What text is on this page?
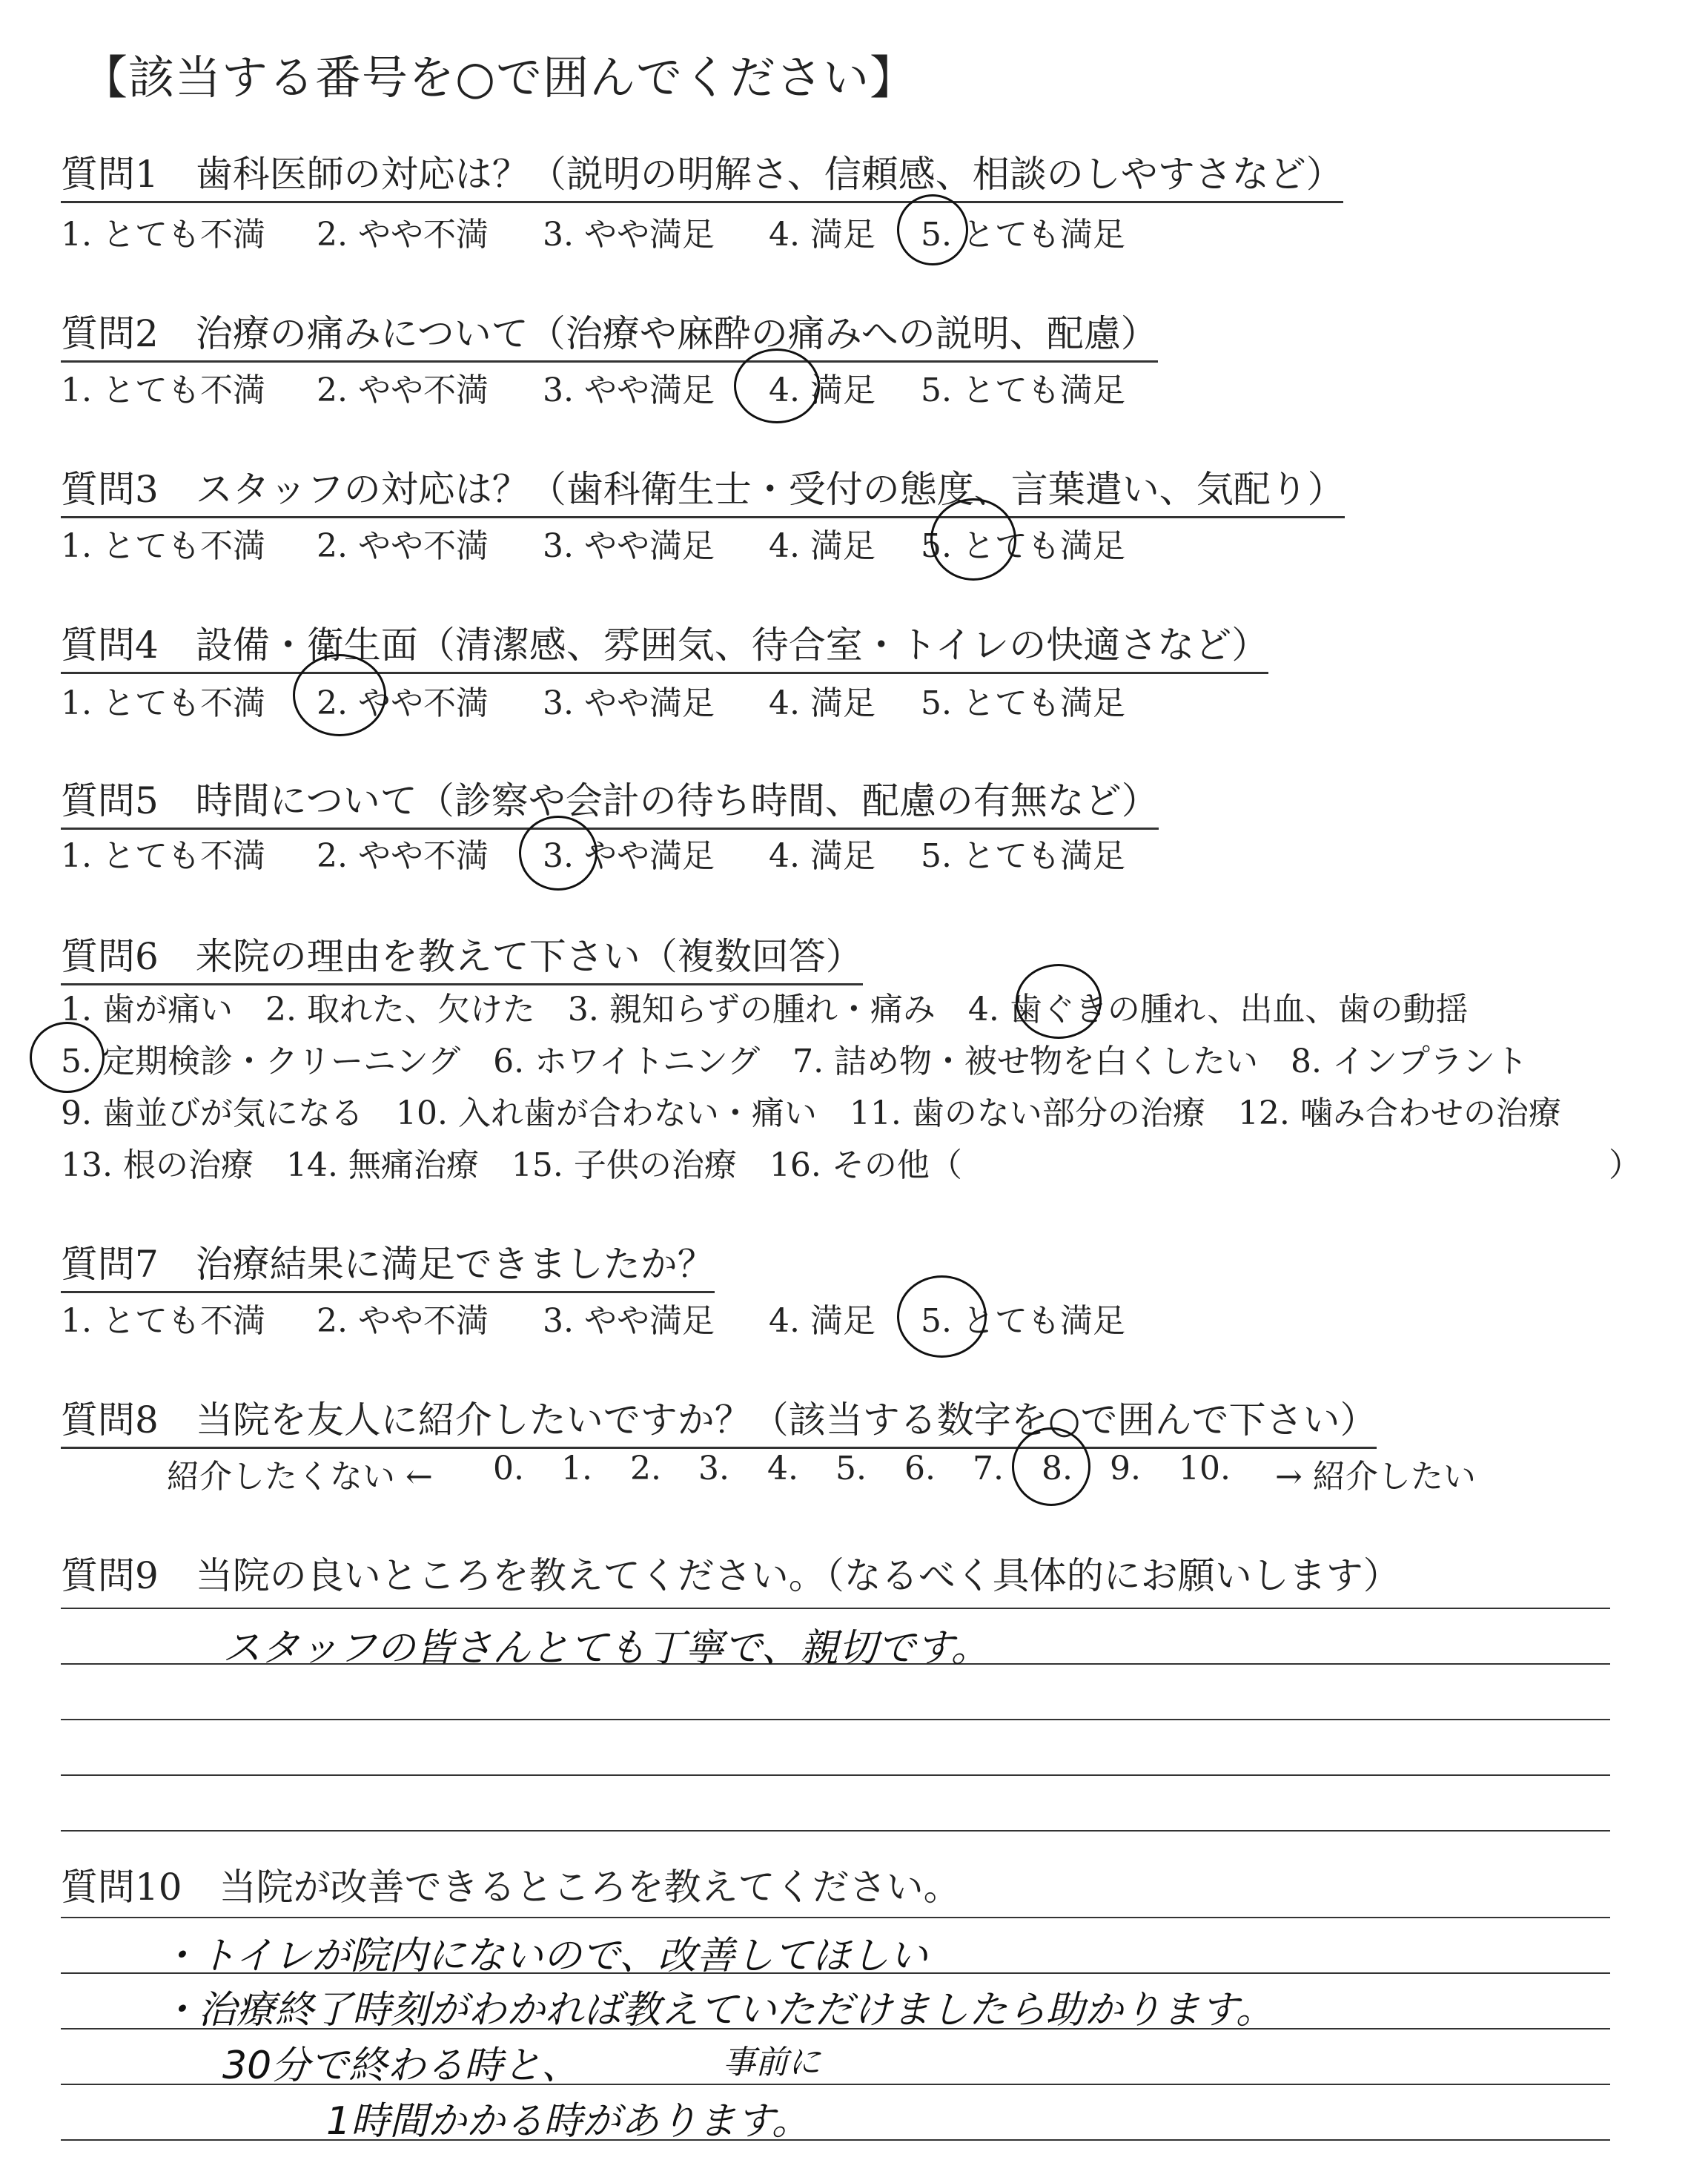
【該当する番号を○で囲んでください】
質問1　歯科医師の対応は？（説明の明解さ、信頼感、相談のしやすさなど）
1. とても不満 2. やや不満 3. やや満足 4. 満足 5. とても満足
質問2　治療の痛みについて（治療や麻酔の痛みへの説明、配慮）
1. とても不満 2. やや不満 3. やや満足 4. 満足 5. とても満足
質問3　スタッフの対応は？（歯科衛生士・受付の態度、言葉遣い、気配り）
1. とても不満 2. やや不満 3. やや満足 4. 満足 5. とても満足
質問4　設備・衛生面（清潔感、雰囲気、待合室・トイレの快適さなど）
1. とても不満 2. やや不満 3. やや満足 4. 満足 5. とても満足
質問5　時間について（診察や会計の待ち時間、配慮の有無など）
1. とても不満 2. やや不満 3. やや満足 4. 満足 5. とても満足
質問6　来院の理由を教えて下さい（複数回答）
1. 歯が痛い　2. 取れた、欠けた　3. 親知らずの腫れ・痛み　4. 歯ぐきの腫れ、出血、歯の動揺
5. 定期検診・クリーニング　6. ホワイトニング　7. 詰め物・被せ物を白くしたい　8. インプラント
9. 歯並びが気になる　10. 入れ歯が合わない・痛い　11. 歯のない部分の治療　12. 噛み合わせの治療
13. 根の治療　14. 無痛治療　15. 子供の治療　16. その他（	）
質問7　治療結果に満足できましたか？
1. とても不満 2. やや不満 3. やや満足 4. 満足 5. とても満足
質問8　当院を友人に紹介したいですか？（該当する数字を○で囲んで下さい）
紹介したくない ← 0. 1. 2. 3. 4. 5. 6. 7. 8. 9. 10. → 紹介したい
質問9　当院の良いところを教えてください。（なるべく具体的にお願いします）
スタッフの皆さんとても丁寧で、親切です。
質問10　当院が改善できるところを教えてください。
・トイレが院内にないので、改善してほしい
・治療終了時刻がわかれば教えていただけましたら助かります。
30分で終わる時と、
1時間かかる時があります。
事前に
